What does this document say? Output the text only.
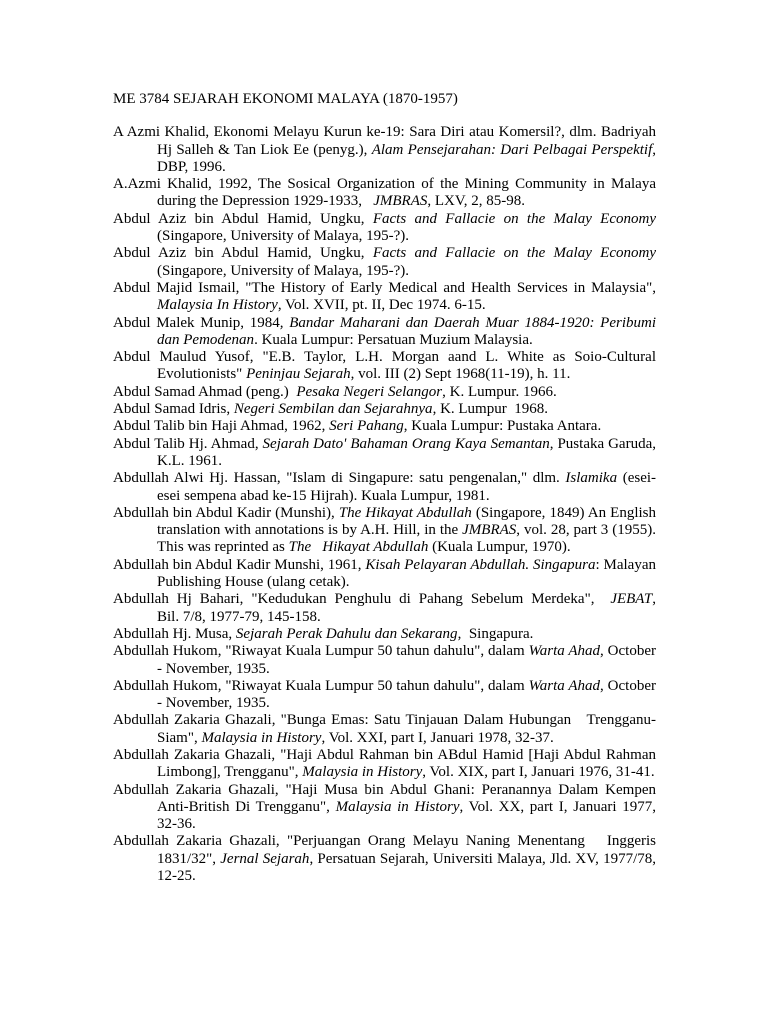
ME 3784 SEJARAH EKONOMI MALAYA (1870-1957)
A Azmi Khalid, Ekonomi Melayu Kurun ke-19: Sara Diri atau Komersil?, dlm. Badriyah Hj Salleh & Tan Liok Ee (penyg.), Alam Pensejarahan: Dari Pelbagai Perspektif, DBP, 1996.
A.Azmi Khalid, 1992, The Sosical Organization of the Mining Community in Malaya during the Depression 1929-1933,   JMBRAS, LXV, 2, 85-98.
Abdul Aziz bin Abdul Hamid, Ungku, Facts and Fallacie on the Malay Economy (Singapore, University of Malaya, 195-?).
Abdul Aziz bin Abdul Hamid, Ungku, Facts and Fallacie on the Malay Economy (Singapore, University of Malaya, 195-?).
Abdul Majid Ismail, "The History of Early Medical and Health Services in Malaysia", Malaysia In History, Vol. XVII, pt. II, Dec 1974. 6-15.
Abdul Malek Munip, 1984, Bandar Maharani dan Daerah Muar 1884-1920: Peribumi dan Pemodenan. Kuala Lumpur: Persatuan Muzium Malaysia.
Abdul Maulud Yusof, "E.B. Taylor, L.H. Morgan aand L. White as Soio-Cultural Evolutionists" Peninjau Sejarah, vol. III (2) Sept 1968(11-19), h. 11.
Abdul Samad Ahmad (peng.)  Pesaka Negeri Selangor, K. Lumpur. 1966.
Abdul Samad Idris, Negeri Sembilan dan Sejarahnya, K. Lumpur  1968.
Abdul Talib bin Haji Ahmad, 1962, Seri Pahang, Kuala Lumpur: Pustaka Antara.
Abdul Talib Hj. Ahmad, Sejarah Dato' Bahaman Orang Kaya Semantan, Pustaka Garuda, K.L. 1961.
Abdullah Alwi Hj. Hassan, "Islam di Singapure: satu pengenalan," dlm. Islamika (esei-esei sempena abad ke-15 Hijrah). Kuala Lumpur, 1981.
Abdullah bin Abdul Kadir (Munshi), The Hikayat Abdullah (Singapore, 1849) An English translation with annotations is by A.H. Hill, in the JMBRAS, vol. 28, part 3 (1955). This was reprinted as The   Hikayat Abdullah (Kuala Lumpur, 1970).
Abdullah bin Abdul Kadir Munshi, 1961, Kisah Pelayaran Abdullah. Singapura: Malayan Publishing House (ulang cetak).
Abdullah Hj Bahari, "Kedudukan Penghulu di Pahang Sebelum Merdeka",  JEBAT,      Bil. 7/8, 1977-79, 145-158.
Abdullah Hj. Musa, Sejarah Perak Dahulu dan Sekarang,  Singapura.
Abdullah Hukom, "Riwayat Kuala Lumpur 50 tahun dahulu", dalam Warta Ahad, October - November, 1935.
Abdullah Hukom, "Riwayat Kuala Lumpur 50 tahun dahulu", dalam Warta Ahad, October - November, 1935.
Abdullah Zakaria Ghazali, "Bunga Emas: Satu Tinjauan Dalam Hubungan   Trengganu-Siam", Malaysia in History, Vol. XXI, part I, Januari 1978, 32-37.
Abdullah Zakaria Ghazali, "Haji Abdul Rahman bin ABdul Hamid [Haji Abdul Rahman Limbong], Trengganu", Malaysia in History, Vol. XIX, part I, Januari 1976, 31-41.
Abdullah Zakaria Ghazali, "Haji Musa bin Abdul Ghani: Peranannya Dalam Kempen Anti-British Di Trengganu", Malaysia in History, Vol. XX, part I, Januari 1977, 32-36.
Abdullah Zakaria Ghazali, "Perjuangan Orang Melayu Naning Menentang   Inggeris 1831/32", Jernal Sejarah, Persatuan Sejarah, Universiti Malaya, Jld. XV, 1977/78, 12-25.
